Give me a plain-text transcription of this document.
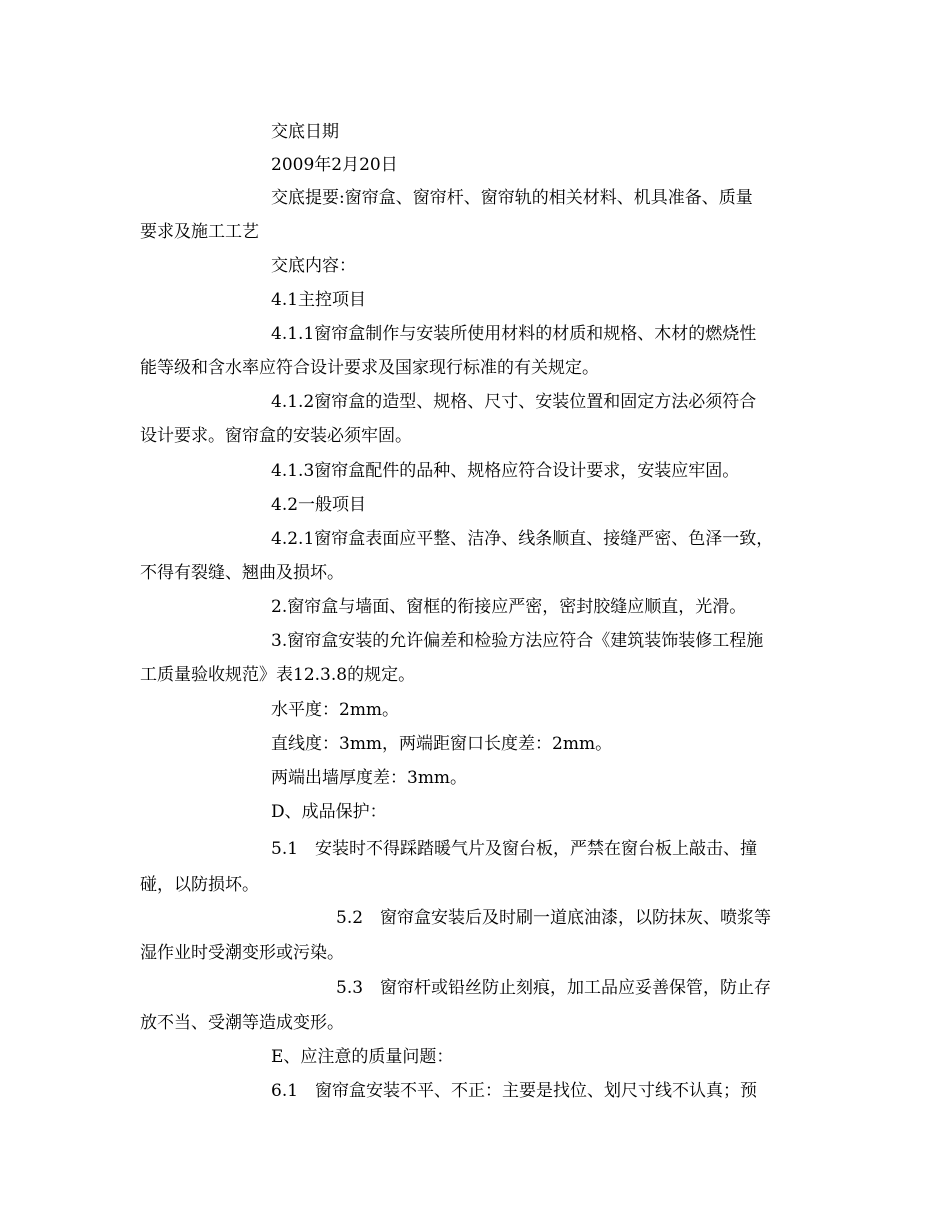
交底日期
2009年2月20日
交底提要:窗帘盒、窗帘杆、窗帘轨的相关材料、机具准备、质量
要求及施工工艺
交底内容：
4.1主控项目
4.1.1窗帘盒制作与安装所使用材料的材质和规格、木材的燃烧性
能等级和含水率应符合设计要求及国家现行标准的有关规定。
4.1.2窗帘盒的造型、规格、尺寸、安装位置和固定方法必须符合
设计要求。窗帘盒的安装必须牢固。
4.1.3窗帘盒配件的品种、规格应符合设计要求，安装应牢固。
4.2一般项目
4.2.1窗帘盒表面应平整、洁净、线条顺直、接缝严密、色泽一致，
不得有裂缝、翘曲及损坏。
2.窗帘盒与墙面、窗框的衔接应严密，密封胶缝应顺直，光滑。
3.窗帘盒安装的允许偏差和检验方法应符合《建筑装饰装修工程施
工质量验收规范》表12.3.8的规定。
水平度：2mm。
直线度：3mm，两端距窗口长度差：2mm。
两端出墙厚度差：3mm。
D、成品保护：
5.1　安装时不得踩踏暖气片及窗台板，严禁在窗台板上敲击、撞
碰，以防损坏。
5.2　窗帘盒安装后及时刷一道底油漆，以防抹灰、喷浆等
湿作业时受潮变形或污染。
5.3　窗帘杆或铅丝防止刻痕，加工品应妥善保管，防止存
放不当、受潮等造成变形。
E、应注意的质量问题：
6.1　窗帘盒安装不平、不正：主要是找位、划尺寸线不认真；预
